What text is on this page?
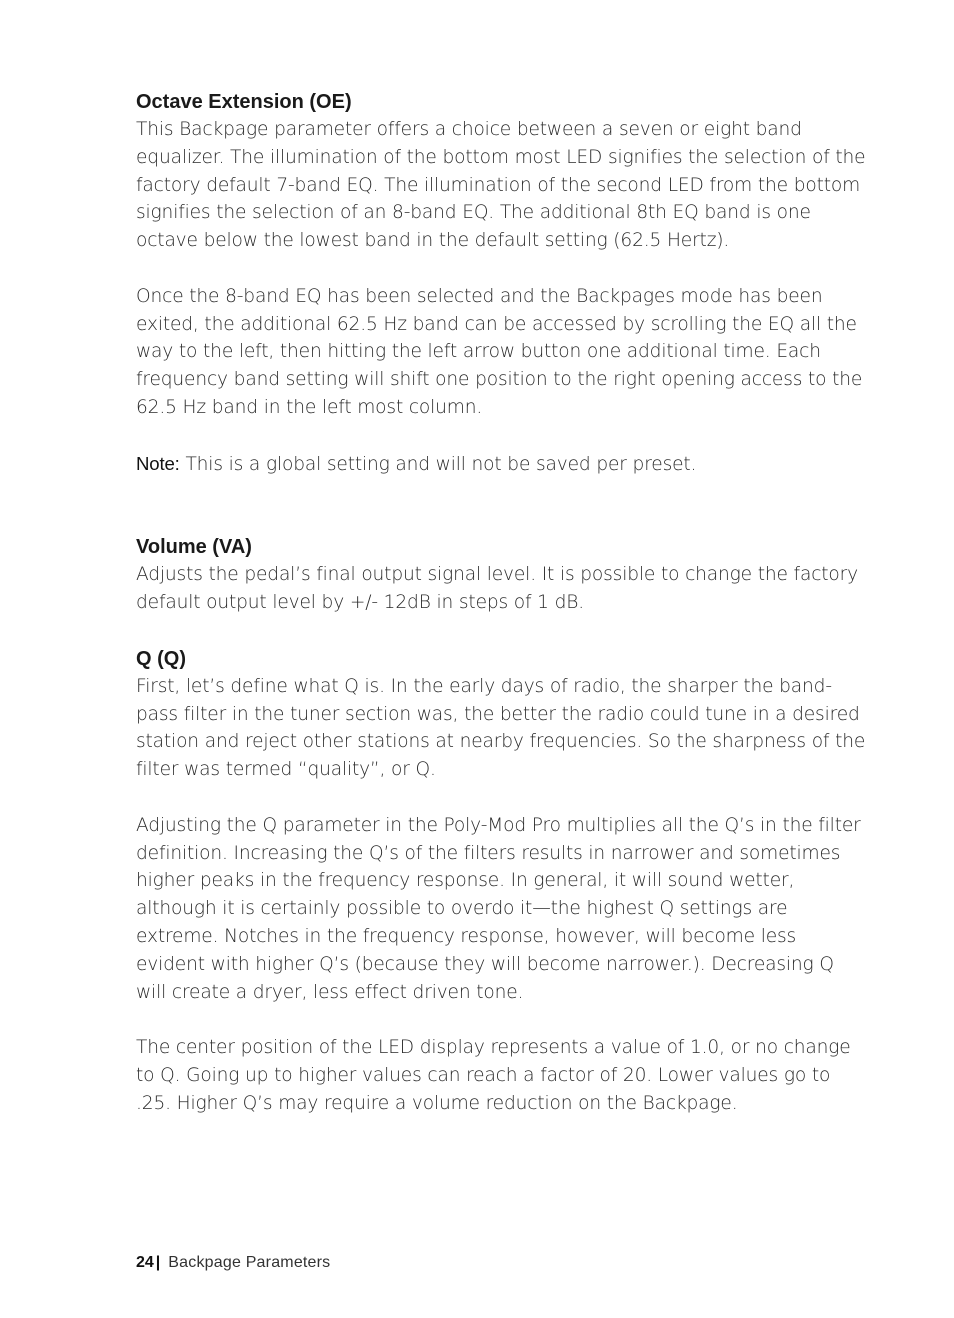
Octave Extension (OE)

This Backpage parameter offers a choice between a seven or eight band equalizer. The illumination of the bottom most LED signifies the selection of the factory default 7-band EQ. The illumination of the second LED from the bottom signifies the selection of an 8-band EQ. The additional 8th EQ band is one octave below the lowest band in the default setting (62.5 Hertz).

Once the 8-band EQ has been selected and the Backpages mode has been exited, the additional 62.5 Hz band can be accessed by scrolling the EQ all the way to the left, then hitting the left arrow button one additional time. Each frequency band setting will shift one position to the right opening access to the 62.5 Hz band in the left most column.

Note: This is a global setting and will not be saved per preset.

Volume (VA)

Adjusts the pedal’s final output signal level. It is possible to change the factory default output level by +/- 12dB in steps of 1 dB.

Q (Q)

First, let’s define what Q is. In the early days of radio, the sharper the band-pass filter in the tuner section was, the better the radio could tune in a desired station and reject other stations at nearby frequencies. So the sharpness of the filter was termed “quality”, or Q.

Adjusting the Q parameter in the Poly-Mod Pro multiplies all the Q’s in the filter definition. Increasing the Q’s of the filters results in narrower and sometimes higher peaks in the frequency response. In general, it will sound wetter, although it is certainly possible to overdo it—the highest Q settings are extreme. Notches in the frequency response, however, will become less evident with higher Q’s (because they will become narrower.). Decreasing Q will create a dryer, less effect driven tone.

The center position of the LED display represents a value of 1.0, or no change to Q. Going up to higher values can reach a factor of 20. Lower values go to .25. Higher Q’s may require a volume reduction on the Backpage.

24 | Backpage Parameters
